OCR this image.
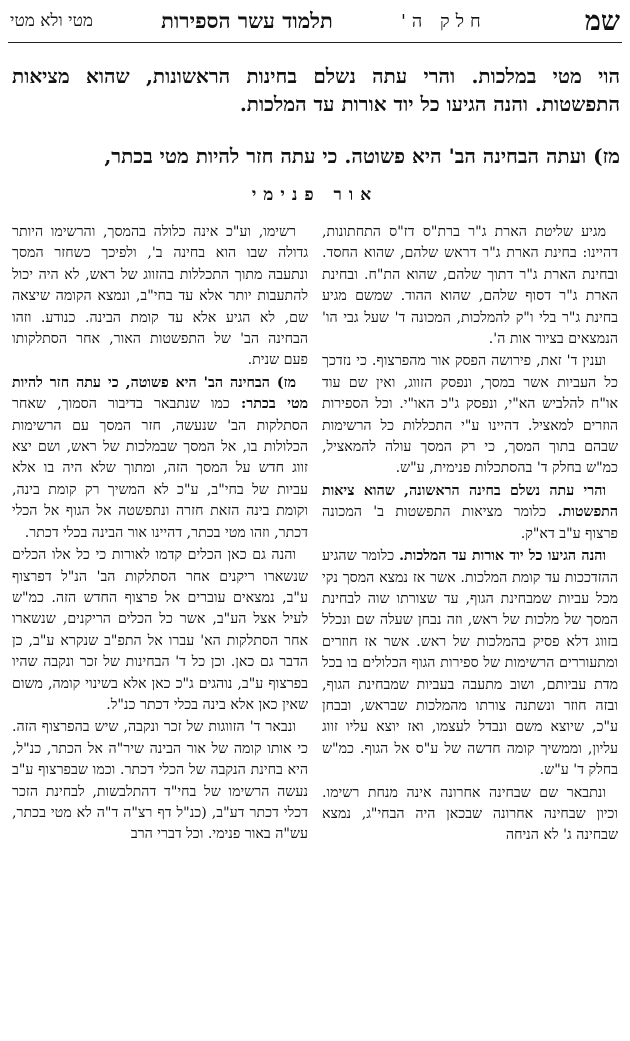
שמ
חלק ה'
תלמוד עשר הספירות
מטי ולא מטי
הוי מטי במלכות. והרי עתה נשלם בחינות הראשונות, שהוא מציאות התפשטות. והנה הגיעו כל יוד אורות עד המלכות.
מז) ועתה הבחינה הב' היא פשוטה. כי עתה חזר להיות מטי בכתר,
אור פנימי

מגיע שליטת הארת ג"ר ברת"ס דז"ס התחתונות, דהיינו: בחינת הארת ג"ר דראש שלהם, שהוא החסד. ובחינת הארת ג"ר דתוך שלהם, שהוא הת"ח. ובחינת הארת ג"ר דסוף שלהם, שהוא ההוד. שמשם מגיע בחינת ג"ר בלי ו"ק להמלכות, המכונה ד' שעל גבי הו' הנמצאים בציור אות ה'.

וענין ד' זאת, פירושה הפסק אור מהפרצוף. כי נזדכך כל העביות אשר במסך, ונפסק הזווג, ואין שם עוד או"ח להלביש הא"י, ונפסק ג"כ האו"י. וכל הספירות הוזרים למאציל. דהיינו ע"י התכללות כל הרשימות שבהם בתוך המסך, כי רק המסך עולה להמאציל, כמ"ש בחלק ד' בהסתכלות פנימית, ע"ש.

והרי עתה נשלם בחינה הראשונה, שהוא ציאות התפשטות. כלומר מציאות התפשטות ב' המכונה פרצוף ע"ב דא"ק.

והנה הגיעו כל יוד אורות עד המלכות. כלומר שהגיע ההזדככות עד קומת המלכות. אשר אז נמצא המסך נקי מכל עביות שמבחינת הגוף, עד שצורתו שוה לבחינת המסך של מלכות של ראש, וזה נבחן שעלה שם ונכלל בזווג דלא פסיק בהמלכות של ראש. אשר אז חוזרים ומתעוררים הרשימות של ספירות הגוף הכלולים בו בכל מדת עביותם, ושוב מתעבה בעביות שמבחינת הגוף, ובזה חוזר ונשתנה צורתו מהמלכות שבראש, ובבחן ע"כ, שיוצא משם ונבדל לעצמו, ואז יוצא עליו זווג עליון, וממשיך קומה חדשה של ע"ס אל הגוף. כמ"ש בחלק ד' ע"ש.

ונתבאר שם שבחינה אחרונה אינה מנחת רשימו. וכיון שבחינה אחרונה שבכאן היה הבחי"ג, נמצא שבחינה ג' לא הניחה

רשימו, וע"כ אינה כלולה בהמסך, והרשימו היותר גדולה שבו הוא בחינה ב', ולפיכך כשחזר המסך ונתעבה מתוך התכללות בהזווג של ראש, לא היה יכול להתעבות יותר אלא עד בחי"ב, ונמצא הקומה שיצאה שם, לא הגיע אלא עד קומת הבינה. כנודע. וזהו הבחינה הב' של התפשטות האור, אחר הסתלקותו פעם שנית.

מז) הבחינה הב' היא פשוטה, כי עתה חזר להיות מטי בכתר: כמו שנתבאר בדיבור הסמוך, שאחר הסתלקות הב' שנעשה, חזר המסך עם הרשימות הכלולות בו, אל המסך שבמלכות של ראש, ושם יצא זווג חדש על המסך הזה, ומתוך שלא היה בו אלא עביות של בחי"ב, ע"כ לא המשיך רק קומת בינה, וקומת בינה הזאת חזרה ונתפשטה אל הגוף אל הכלי דכתר, וזהו מטי בכתר, דהיינו אור הבינה בכלי דכתר.

והנה גם כאן הכלים קדמו לאורות כי כל אלו הכלים שנשארו ריקנים אחר הסתלקות הב' הנ"ל דפרצוף ע"ב, נמצאים עוברים אל פרצוף החדש הזה. כמ"ש לעיל אצל הע"ב, אשר כל הכלים הריקנים, שנשארו אחר הסתלקות הא' עברו אל התפ"ב שנקרא ע"ב, כן הדבר גם כאן. וכן כל ד' הבחינות של זכר ונקבה שהיו בפרצוף ע"ב, נוהגים ג"כ כאן אלא בשינוי קומה, משום שאין כאן אלא בינה בכלי דכתר כנ"ל.

ונבאר ד' הזווגות של זכר ונקבה, שיש בהפרצוף הזה. כי אותו קומה של אור הבינה שיר"ה אל הכתר, כנ"ל, היא בחינת הנקבה של הכלי דכתר. וכמו שבפרצוף ע"ב נעשה הרשימו של בחי"ד דהתלבשות, לבחינת הזכר דכלי דכתר דע"ב, (כנ"ל דף רצ"ה ד"ה לא מטי בכתר, עש"ה באור פנימי. וכל דברי הרב
